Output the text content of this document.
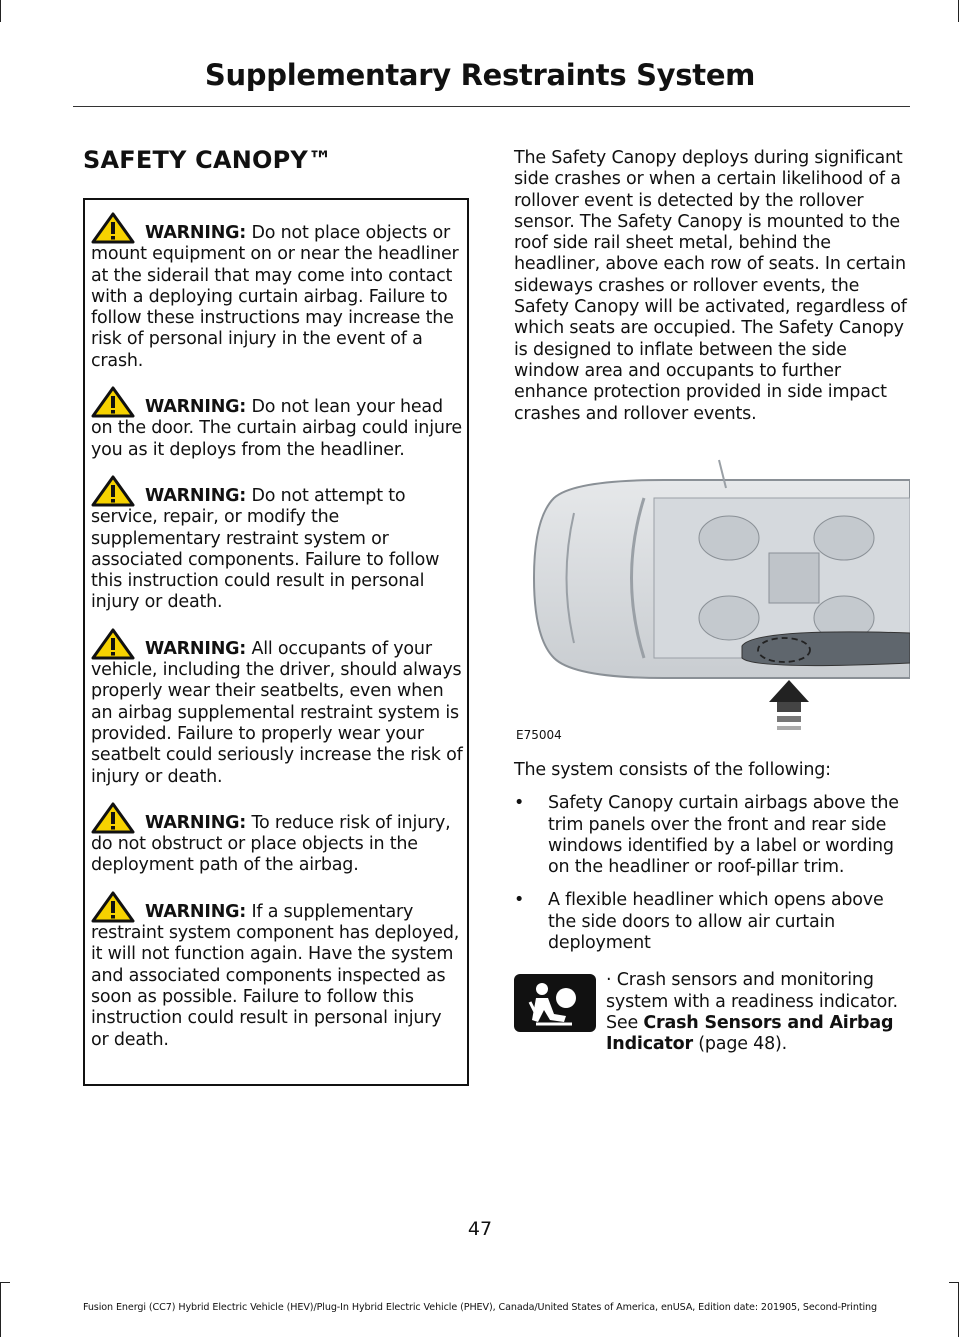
Supplementary Restraints System
SAFETY CANOPY™

WARNING: Do not place objects or mount equipment on or near the headliner at the siderail that may come into contact with a deploying curtain airbag. Failure to follow these instructions may increase the risk of personal injury in the event of a crash.

WARNING: Do not lean your head on the door. The curtain airbag could injure you as it deploys from the headliner.

WARNING: Do not attempt to service, repair, or modify the supplementary restraint system or associated components. Failure to follow this instruction could result in personal injury or death.

WARNING: All occupants of your vehicle, including the driver, should always properly wear their seatbelts, even when an airbag supplemental restraint system is provided. Failure to properly wear your seatbelt could seriously increase the risk of injury or death.

WARNING: To reduce risk of injury, do not obstruct or place objects in the deployment path of the airbag.

WARNING: If a supplementary restraint system component has deployed, it will not function again. Have the system and associated components inspected as soon as possible. Failure to follow this instruction could result in personal injury or death.

The Safety Canopy deploys during significant side crashes or when a certain likelihood of a rollover event is detected by the rollover sensor. The Safety Canopy is mounted to the roof side rail sheet metal, behind the headliner, above each row of seats. In certain sideways crashes or rollover events, the Safety Canopy will be activated, regardless of which seats are occupied. The Safety Canopy is designed to inflate between the side window area and occupants to further enhance protection provided in side impact crashes and rollover events.

E75004

The system consists of the following:

• Safety Canopy curtain airbags above the trim panels over the front and rear side windows identified by a label or wording on the headliner or roof-pillar trim.
• A flexible headliner which opens above the side doors to allow air curtain deployment
· Crash sensors and monitoring system with a readiness indicator. See Crash Sensors and Airbag Indicator (page 48).
47
Fusion Energi (CC7) Hybrid Electric Vehicle (HEV)/Plug-In Hybrid Electric Vehicle (PHEV), Canada/United States of America, enUSA, Edition date: 201905, Second-Printing
